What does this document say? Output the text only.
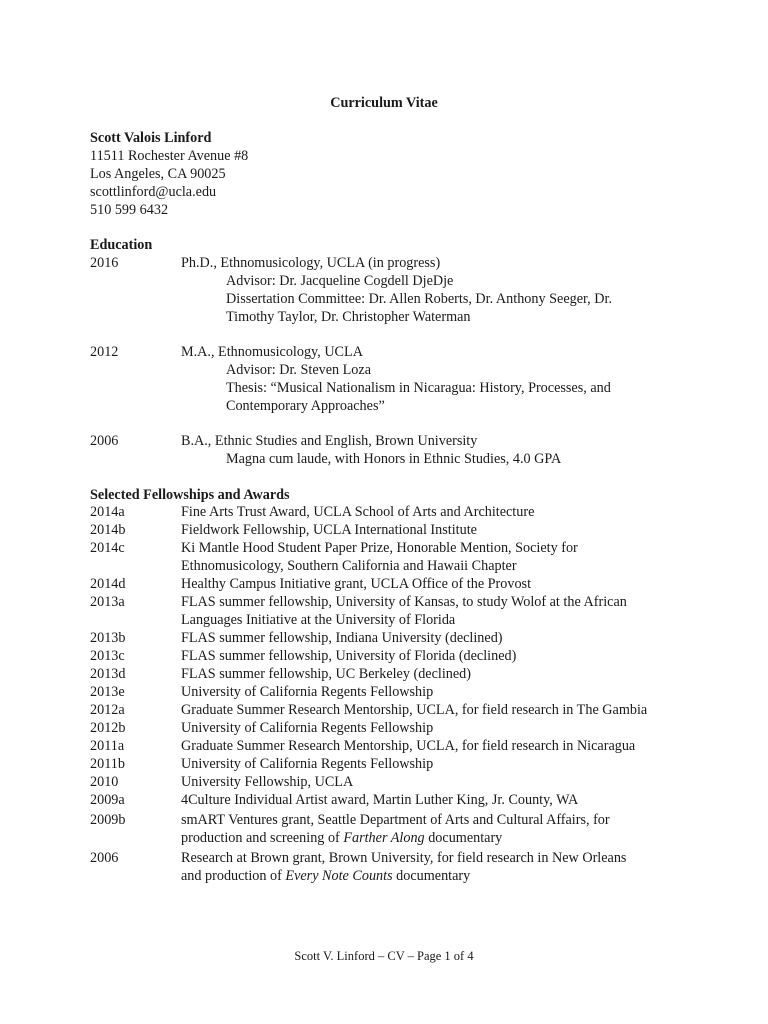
Curriculum Vitae
Scott Valois Linford
11511 Rochester Avenue #8
Los Angeles, CA 90025
scottlinford@ucla.edu
510 599 6432
Education
2016	Ph.D., Ethnomusicology, UCLA (in progress)
Advisor: Dr. Jacqueline Cogdell DjeDje
Dissertation Committee: Dr. Allen Roberts, Dr. Anthony Seeger, Dr.
Timothy Taylor, Dr. Christopher Waterman
2012	M.A., Ethnomusicology, UCLA
Advisor: Dr. Steven Loza
Thesis: “Musical Nationalism in Nicaragua: History, Processes, and
Contemporary Approaches”
2006	B.A., Ethnic Studies and English, Brown University
Magna cum laude, with Honors in Ethnic Studies, 4.0 GPA
Selected Fellowships and Awards
2014a	Fine Arts Trust Award, UCLA School of Arts and Architecture
2014b	Fieldwork Fellowship, UCLA International Institute
2014c	Ki Mantle Hood Student Paper Prize, Honorable Mention, Society for
Ethnomusicology, Southern California and Hawaii Chapter
2014d	Healthy Campus Initiative grant, UCLA Office of the Provost
2013a	FLAS summer fellowship, University of Kansas, to study Wolof at the African
Languages Initiative at the University of Florida
2013b	FLAS summer fellowship, Indiana University (declined)
2013c	FLAS summer fellowship, University of Florida (declined)
2013d	FLAS summer fellowship, UC Berkeley (declined)
2013e	University of California Regents Fellowship
2012a	Graduate Summer Research Mentorship, UCLA, for field research in The Gambia
2012b	University of California Regents Fellowship
2011a	Graduate Summer Research Mentorship, UCLA, for field research in Nicaragua
2011b	University of California Regents Fellowship
2010	University Fellowship, UCLA
2009a	4Culture Individual Artist award, Martin Luther King, Jr. County, WA
2009b	smART Ventures grant, Seattle Department of Arts and Cultural Affairs, for
production and screening of Farther Along documentary
2006	Research at Brown grant, Brown University, for field research in New Orleans
and production of Every Note Counts documentary
Scott V. Linford – CV – Page 1 of 4
